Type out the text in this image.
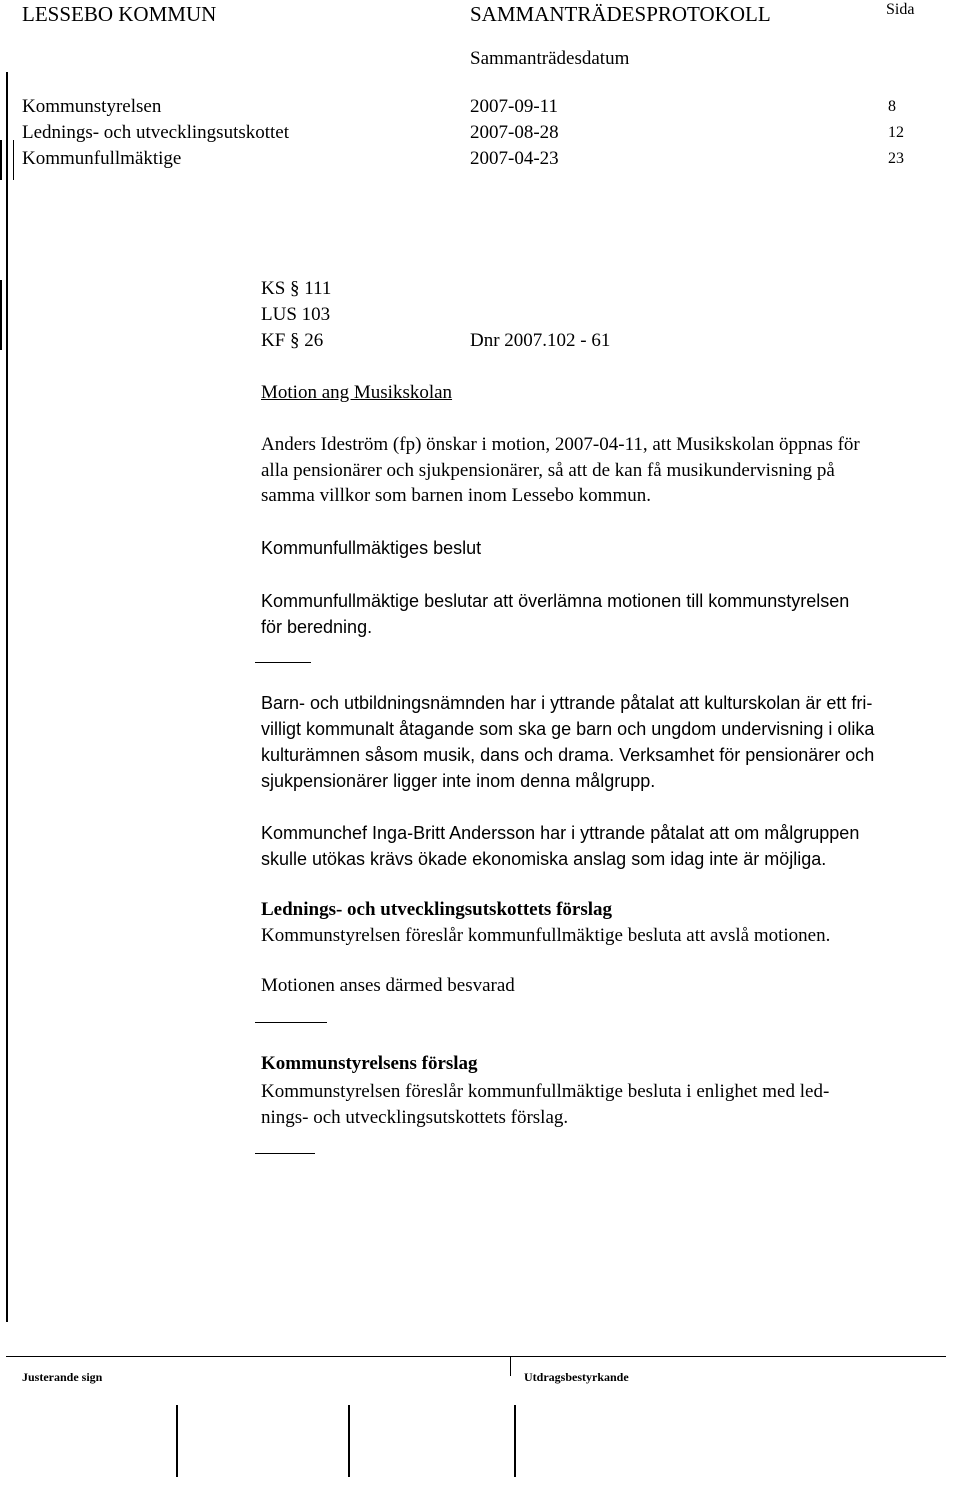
LESSEBO KOMMUN	SAMMANTRÄDESPROTOKOLL	Sida
Sammanträdesdatum
Kommunstyrelsen	2007-09-11	8
Lednings- och utvecklingsutskottet	2007-08-28	12
Kommunfullmäktige	2007-04-23	23
KS § 111
LUS 103
KF § 26	Dnr 2007.102 - 61
Motion ang Musikskolan
Anders Ideström (fp) önskar i motion, 2007-04-11, att Musikskolan öppnas för
alla pensionärer och sjukpensionärer, så att de kan få musikundervisning på
samma villkor som barnen inom Lessebo kommun.
Kommunfullmäktiges beslut
Kommunfullmäktige beslutar att överlämna motionen till kommunstyrelsen
för beredning.
Barn- och utbildningsnämnden har i yttrande påtalat att kulturskolan är ett fri-
villigt kommunalt åtagande som ska ge barn och ungdom undervisning i olika
kulturämnen såsom musik, dans och drama. Verksamhet för pensionärer och
sjukpensionärer ligger inte inom denna målgrupp.
Kommunchef Inga-Britt Andersson har i yttrande påtalat att om målgruppen
skulle utökas krävs ökade ekonomiska anslag som idag inte är möjliga.
Lednings- och utvecklingsutskottets förslag
Kommunstyrelsen föreslår kommunfullmäktige besluta att avslå motionen.
Motionen anses därmed besvarad
Kommunstyrelsens förslag
Kommunstyrelsen föreslår kommunfullmäktige besluta i enlighet med led-
nings- och utvecklingsutskottets förslag.
Justerande sign	Utdragsbestyrkande
